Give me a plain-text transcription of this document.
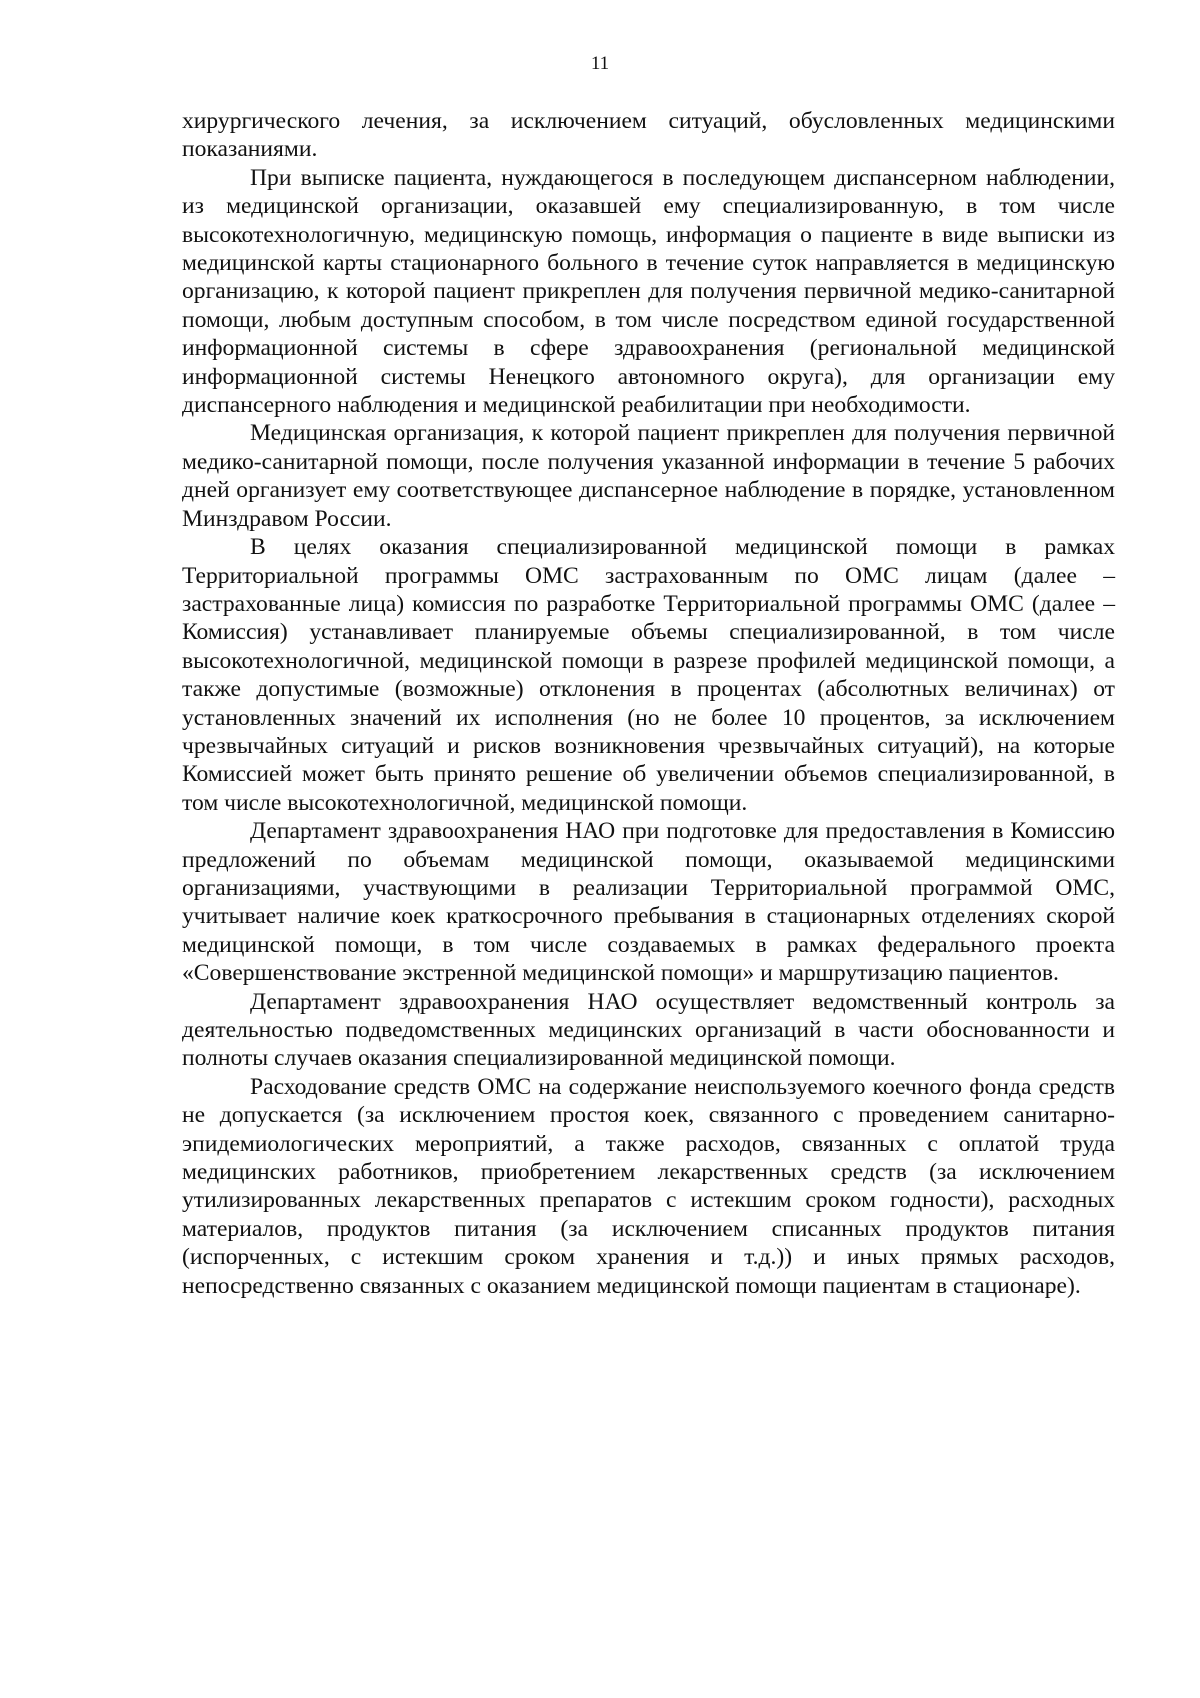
11

хирургического лечения, за исключением ситуаций, обусловленных медицинскими показаниями.

При выписке пациента, нуждающегося в последующем диспансерном наблюдении, из медицинской организации, оказавшей ему специализированную, в том числе высокотехнологичную, медицинскую помощь, информация о пациенте в виде выписки из медицинской карты стационарного больного в течение суток направляется в медицинскую организацию, к которой пациент прикреплен для получения первичной медико-санитарной помощи, любым доступным способом, в том числе посредством единой государственной информационной системы в сфере здравоохранения (региональной медицинской информационной системы Ненецкого автономного округа), для организации ему диспансерного наблюдения и медицинской реабилитации при необходимости.

Медицинская организация, к которой пациент прикреплен для получения первичной медико-санитарной помощи, после получения указанной информации в течение 5 рабочих дней организует ему соответствующее диспансерное наблюдение в порядке, установленном Минздравом России.

В целях оказания специализированной медицинской помощи в рамках Территориальной программы ОМС застрахованным по ОМС лицам (далее – застрахованные лица) комиссия по разработке Территориальной программы ОМС (далее – Комиссия) устанавливает планируемые объемы специализированной, в том числе высокотехнологичной, медицинской помощи в разрезе профилей медицинской помощи, а также допустимые (возможные) отклонения в процентах (абсолютных величинах) от установленных значений их исполнения (но не более 10 процентов, за исключением чрезвычайных ситуаций и рисков возникновения чрезвычайных ситуаций), на которые Комиссией может быть принято решение об увеличении объемов специализированной, в том числе высокотехнологичной, медицинской помощи.

Департамент здравоохранения НАО при подготовке для предоставления в Комиссию предложений по объемам медицинской помощи, оказываемой медицинскими организациями, участвующими в реализации Территориальной программой ОМС, учитывает наличие коек краткосрочного пребывания в стационарных отделениях скорой медицинской помощи, в том числе создаваемых в рамках федерального проекта «Совершенствование экстренной медицинской помощи» и маршрутизацию пациентов.

Департамент здравоохранения НАО осуществляет ведомственный контроль за деятельностью подведомственных медицинских организаций в части обоснованности и полноты случаев оказания специализированной медицинской помощи.

Расходование средств ОМС на содержание неиспользуемого коечного фонда средств не допускается (за исключением простоя коек, связанного с проведением санитарно-эпидемиологических мероприятий, а также расходов, связанных с оплатой труда медицинских работников, приобретением лекарственных средств (за исключением утилизированных лекарственных препаратов с истекшим сроком годности), расходных материалов, продуктов питания (за исключением списанных продуктов питания (испорченных, с истекшим сроком хранения и т.д.)) и иных прямых расходов, непосредственно связанных с оказанием медицинской помощи пациентам в стационаре).
